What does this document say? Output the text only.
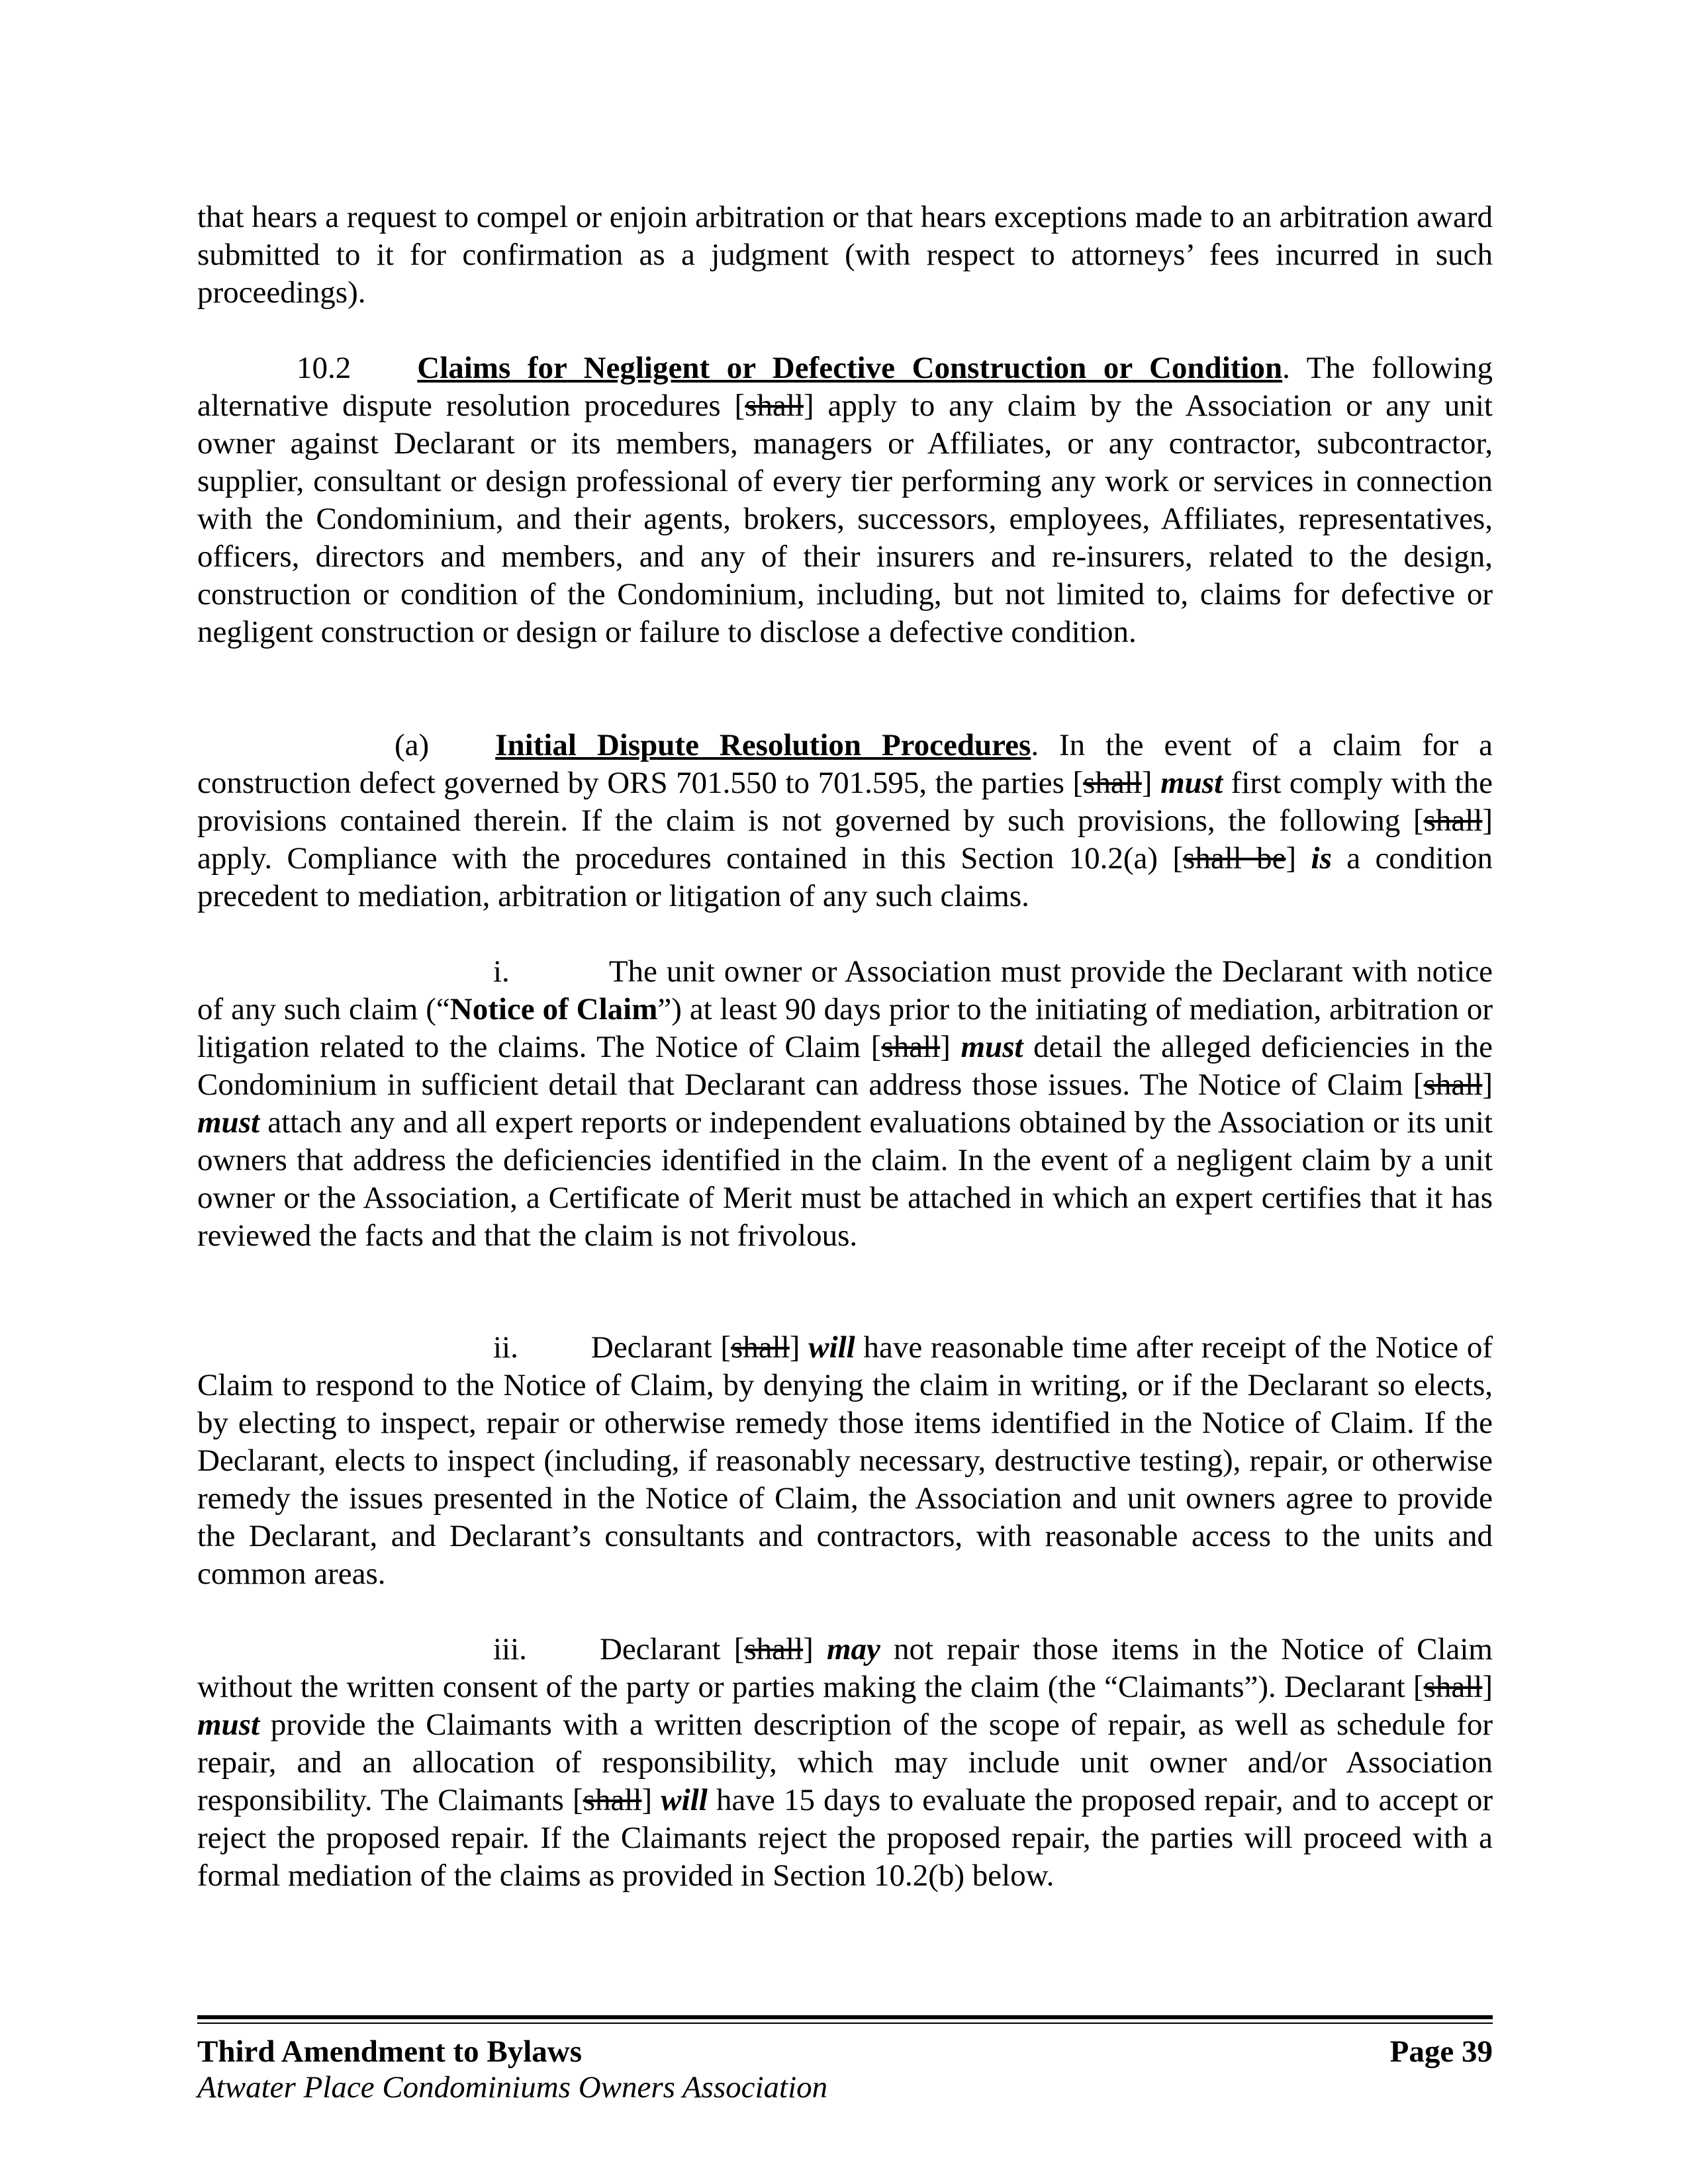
that hears a request to compel or enjoin arbitration or that hears exceptions made to an arbitration award submitted to it for confirmation as a judgment (with respect to attorneys’ fees incurred in such proceedings).

10.2 Claims for Negligent or Defective Construction or Condition. The following alternative dispute resolution procedures [shall] apply to any claim by the Association or any unit owner against Declarant or its members, managers or Affiliates, or any contractor, subcontractor, supplier, consultant or design professional of every tier performing any work or services in connection with the Condominium, and their agents, brokers, successors, employees, Affiliates, representatives, officers, directors and members, and any of their insurers and re-insurers, related to the design, construction or condition of the Condominium, including, but not limited to, claims for defective or negligent construction or design or failure to disclose a defective condition.

(a) Initial Dispute Resolution Procedures. In the event of a claim for a construction defect governed by ORS 701.550 to 701.595, the parties [shall] must first comply with the provisions contained therein. If the claim is not governed by such provisions, the following [shall] apply. Compliance with the procedures contained in this Section 10.2(a) [shall be] is a condition precedent to mediation, arbitration or litigation of any such claims.

i.	The unit owner or Association must provide the Declarant with notice of any such claim (“Notice of Claim”) at least 90 days prior to the initiating of mediation, arbitration or litigation related to the claims. The Notice of Claim [shall] must detail the alleged deficiencies in the Condominium in sufficient detail that Declarant can address those issues. The Notice of Claim [shall] must attach any and all expert reports or independent evaluations obtained by the Association or its unit owners that address the deficiencies identified in the claim. In the event of a negligent claim by a unit owner or the Association, a Certificate of Merit must be attached in which an expert certifies that it has reviewed the facts and that the claim is not frivolous.

ii. Declarant [shall] will have reasonable time after receipt of the Notice of Claim to respond to the Notice of Claim, by denying the claim in writing, or if the Declarant so elects, by electing to inspect, repair or otherwise remedy those items identified in the Notice of Claim. If the Declarant, elects to inspect (including, if reasonably necessary, destructive testing), repair, or otherwise remedy the issues presented in the Notice of Claim, the Association and unit owners agree to provide the Declarant, and Declarant’s consultants and contractors, with reasonable access to the units and common areas.

iii. Declarant [shall] may not repair those items in the Notice of Claim without the written consent of the party or parties making the claim (the “Claimants”). Declarant [shall] must provide the Claimants with a written description of the scope of repair, as well as schedule for repair, and an allocation of responsibility, which may include unit owner and/or Association responsibility. The Claimants [shall] will have 15 days to evaluate the proposed repair, and to accept or reject the proposed repair. If the Claimants reject the proposed repair, the parties will proceed with a formal mediation of the claims as provided in Section 10.2(b) below.

Third Amendment to Bylaws	Page 39

Atwater Place Condominiums Owners Association
